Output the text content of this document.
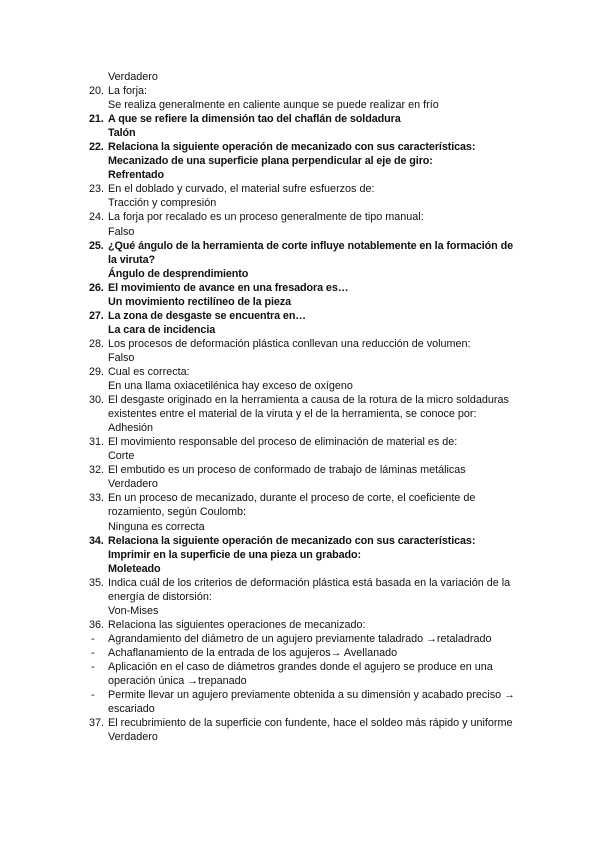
Verdadero
20. La forja:
Se realiza generalmente en caliente aunque se puede realizar en frío
21. A que se refiere la dimensión tao del chaflán de soldadura
Talón
22. Relaciona la siguiente operación de mecanizado con sus características:
Mecanizado de una superficie plana perpendicular al eje de giro:
Refrentado
23. En el doblado y curvado, el material sufre esfuerzos de:
Tracción y compresión
24. La forja por recalado es un proceso generalmente de tipo manual:
Falso
25. ¿Qué ángulo de la herramienta de corte influye notablemente en la formación de la viruta?
Ángulo de desprendimiento
26. El movimiento de avance en una fresadora es…
Un movimiento rectilíneo de la pieza
27. La zona de desgaste se encuentra en…
La cara de incidencia
28. Los procesos de deformación plástica conllevan una reducción de volumen:
Falso
29. Cual es correcta:
En una llama oxiacetilénica hay exceso de oxígeno
30. El desgaste originado en la herramienta a causa de la rotura de la micro soldaduras existentes entre el material de la viruta y el de la herramienta, se conoce por:
Adhesión
31. El movimiento responsable del proceso de eliminación de material es de:
Corte
32. El embutido es un proceso de conformado de trabajo de láminas metálicas
Verdadero
33. En un proceso de mecanizado, durante el proceso de corte, el coeficiente de rozamiento, según Coulomb:
Ninguna es correcta
34. Relaciona la siguiente operación de mecanizado con sus características:
Imprimir en la superficie de una pieza un grabado:
Moleteado
35. Indica cuál de los criterios de deformación plástica está basada en la variación de la energía de distorsión:
Von-Mises
36. Relaciona las siguientes operaciones de mecanizado:
- Agrandamiento del diámetro de un agujero previamente taladrado →retaladrado
- Achaflanamiento de la entrada de los agujeros→ Avellanado
- Aplicación en el caso de diámetros grandes donde el agujero se produce en una operación única →trepanado
- Permite llevar un agujero previamente obtenida a su dimensión y acabado preciso → escariado
37. El recubrimiento de la superficie con fundente, hace el soldeo más rápido y uniforme
Verdadero
